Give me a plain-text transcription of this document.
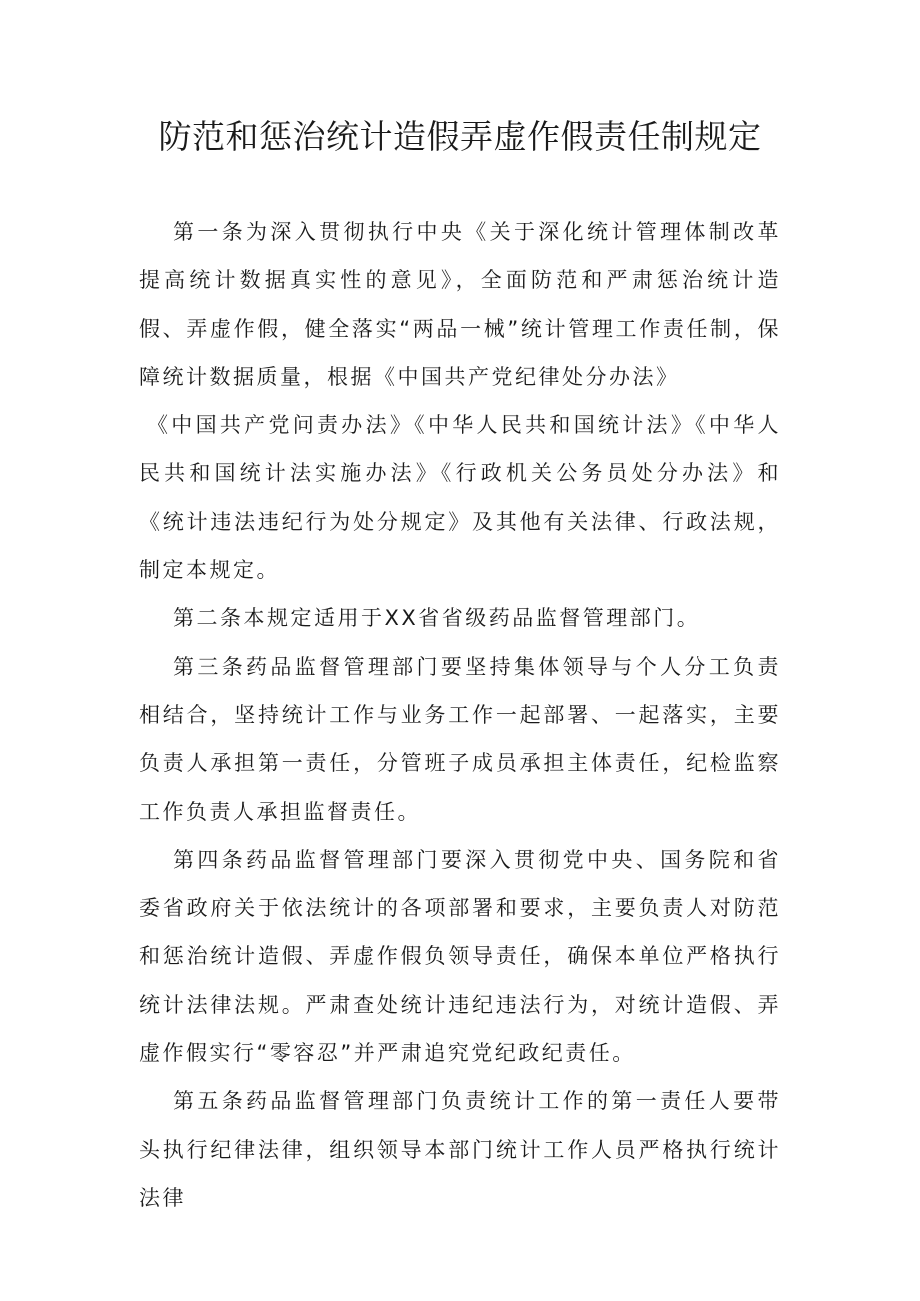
防范和惩治统计造假弄虚作假责任制规定

第一条为深入贯彻执行中央《关于深化统计管理体制改革提高统计数据真实性的意见》，全面防范和严肃惩治统计造假、弄虚作假，健全落实“两品一械”统计管理工作责任制，保障统计数据质量，根据《中国共产党纪律处分办法》

《中国共产党问责办法》《中华人民共和国统计法》《中华人民共和国统计法实施办法》《行政机关公务员处分办法》和《统计违法违纪行为处分规定》及其他有关法律、行政法规，制定本规定。

第二条本规定适用于XX省省级药品监督管理部门。

第三条药品监督管理部门要坚持集体领导与个人分工负责相结合，坚持统计工作与业务工作一起部署、一起落实，主要负责人承担第一责任，分管班子成员承担主体责任，纪检监察工作负责人承担监督责任。

第四条药品监督管理部门要深入贯彻党中央、国务院和省委省政府关于依法统计的各项部署和要求，主要负责人对防范和惩治统计造假、弄虚作假负领导责任，确保本单位严格执行统计法律法规。严肃查处统计违纪违法行为，对统计造假、弄虚作假实行“零容忍”并严肃追究党纪政纪责任。

第五条药品监督管理部门负责统计工作的第一责任人要带头执行纪律法律，组织领导本部门统计工作人员严格执行统计法律
